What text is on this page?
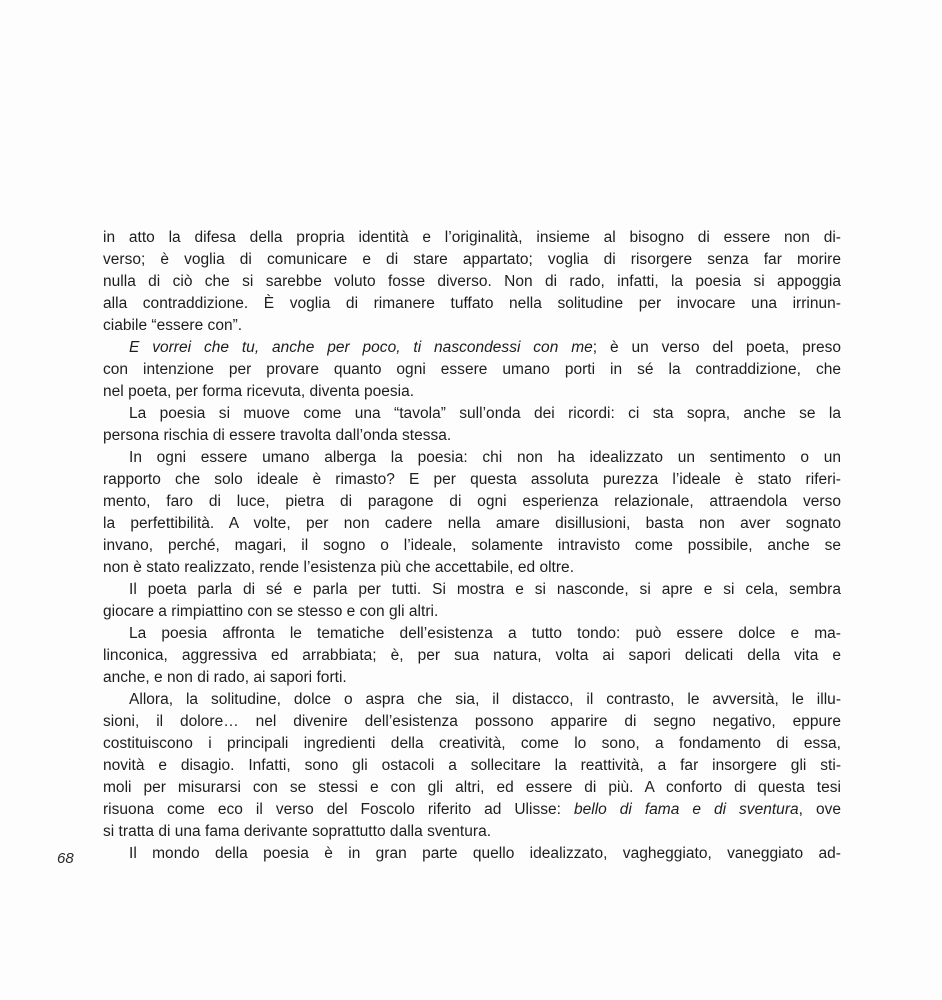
68
in atto la difesa della propria identità e l’originalità, insieme al bisogno di essere non di-
verso; è voglia di comunicare e di stare appartato; voglia di risorgere senza far morire
nulla di ciò che si sarebbe voluto fosse diverso. Non di rado, infatti, la poesia si appoggia
alla contraddizione. È voglia di rimanere tuffato nella solitudine per invocare una irrinun-
ciabile “essere con”.
E vorrei che tu, anche per poco, ti nascondessi con me; è un verso del poeta, preso
con intenzione per provare quanto ogni essere umano porti in sé la contraddizione, che
nel poeta, per forma ricevuta, diventa poesia.
La poesia si muove come una “tavola” sull’onda dei ricordi: ci sta sopra, anche se la
persona rischia di essere travolta dall’onda stessa.
In ogni essere umano alberga la poesia: chi non ha idealizzato un sentimento o un
rapporto che solo ideale è rimasto? E per questa assoluta purezza l’ideale è stato riferi-
mento, faro di luce, pietra di paragone di ogni esperienza relazionale, attraendola verso
la perfettibilità. A volte, per non cadere nella amare disillusioni, basta non aver sognato
invano, perché, magari, il sogno o l’ideale, solamente intravisto come possibile, anche se
non è stato realizzato, rende l’esistenza più che accettabile, ed oltre.
Il poeta parla di sé e parla per tutti. Si mostra e si nasconde, si apre e si cela, sembra
giocare a rimpiattino con se stesso e con gli altri.
La poesia affronta le tematiche dell’esistenza a tutto tondo: può essere dolce e ma-
linconica, aggressiva ed arrabbiata; è, per sua natura, volta ai sapori delicati della vita e
anche, e non di rado, ai sapori forti.
Allora, la solitudine, dolce o aspra che sia, il distacco, il contrasto, le avversità, le illu-
sioni, il dolore… nel divenire dell’esistenza possono apparire di segno negativo, eppure
costituiscono i principali ingredienti della creatività, come lo sono, a fondamento di essa,
novità e disagio. Infatti, sono gli ostacoli a sollecitare la reattività, a far insorgere gli sti-
moli per misurarsi con se stessi e con gli altri, ed essere di più. A conforto di questa tesi
risuona come eco il verso del Foscolo riferito ad Ulisse: bello di fama e di sventura, ove
si tratta di una fama derivante soprattutto dalla sventura.
Il mondo della poesia è in gran parte quello idealizzato, vagheggiato, vaneggiato ad-
